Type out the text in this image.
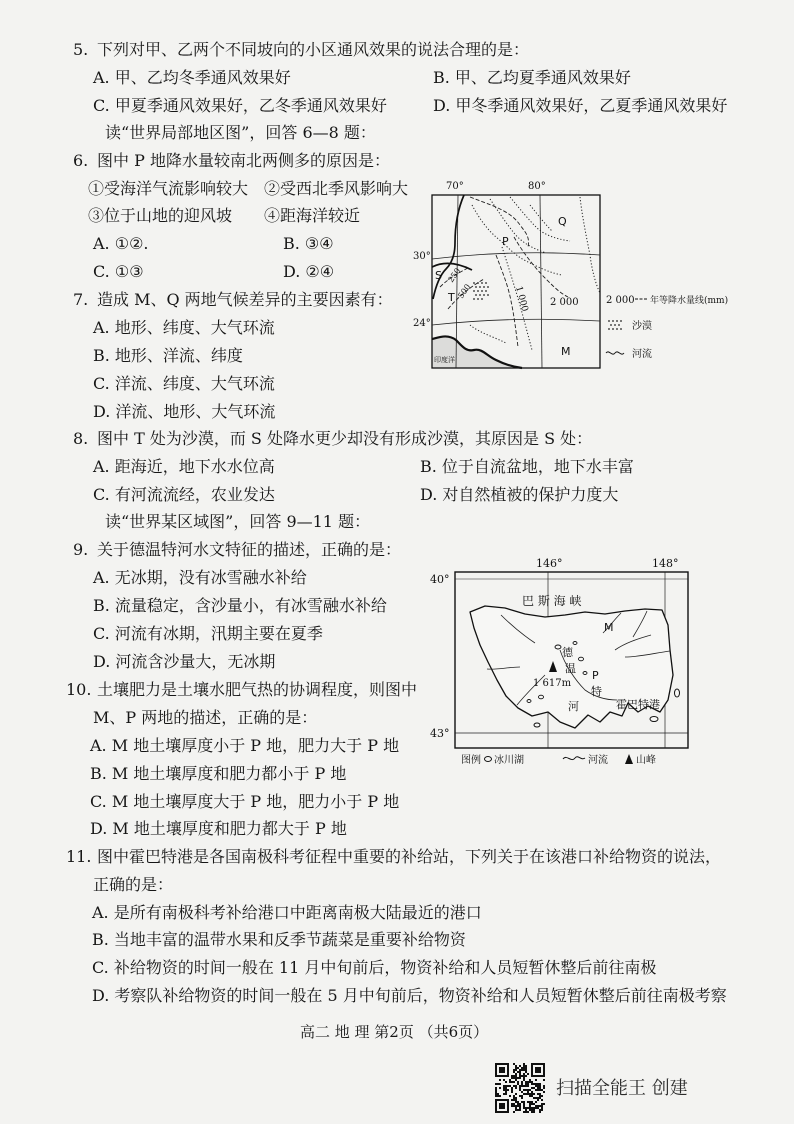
5. 下列对甲、乙两个不同坡向的小区通风效果的说法合理的是：
A. 甲、乙均冬季通风效果好	B. 甲、乙均夏季通风效果好
C. 甲夏季通风效果好，乙冬季通风效果好	D. 甲冬季通风效果好，乙夏季通风效果好
读“世界局部地区图”，回答 6—8 题：
6. 图中 P 地降水量较南北两侧多的原因是：
①受海洋气流影响较大 ②受西北季风影响大
③位于山地的迎风坡 ④距海洋较近
A. ①②.	B. ③④
C. ①③	D. ②④
7. 造成 M、Q 两地气候差异的主要因素有：
A. 地形、纬度、大气环流
B. 地形、洋流、纬度
C. 洋流、纬度、大气环流
D. 洋流、地形、大气环流
8. 图中 T 处为沙漠，而 S 处降水更少却没有形成沙漠，其原因是 S 处：
A. 距海近，地下水水位高	B. 位于自流盆地，地下水丰富
C. 有河流流经，农业发达	D. 对自然植被的保护力度大
读“世界某区域图”，回答 9—11 题：
9. 关于德温特河水文特征的描述，正确的是：
A. 无冰期，没有冰雪融水补给
B. 流量稳定，含沙量小，有冰雪融水补给
C. 河流有冰期，汛期主要在夏季
D. 河流含沙量大，无冰期
10. 土壤肥力是土壤水肥气热的协调程度，则图中
M、P 两地的描述，正确的是：
A. M 地土壤厚度小于 P 地，肥力大于 P 地
B. M 地土壤厚度和肥力都小于 P 地
C. M 地土壤厚度大于 P 地，肥力小于 P 地
D. M 地土壤厚度和肥力都大于 P 地
11. 图中霍巴特港是各国南极科考征程中重要的补给站，下列关于在该港口补给物资的说法，
正确的是：
A. 是所有南极科考补给港口中距离南极大陆最近的港口
B. 当地丰富的温带水果和反季节蔬菜是重要补给物资
C. 补给物资的时间一般在 11 月中旬前后，物资补给和人员短暂休整后前往南极
D. 考察队补给物资的时间一般在 5 月中旬前后，物资补给和人员短暂休整后前往南极考察
70°	80°
30°
24°
Q
P
S
T
M
250
500	1 000 2 000
印度洋
2 000 年等降水量线(mm)
沙漠
河流
146°	148°
40°
43°
巴 斯 海 峡
M
德
温
P
1 617m
特
河	霍巴特港
图例 冰川湖	河流	山峰
高二 地 理 第2页 （共6页）
扫描全能王 创建
